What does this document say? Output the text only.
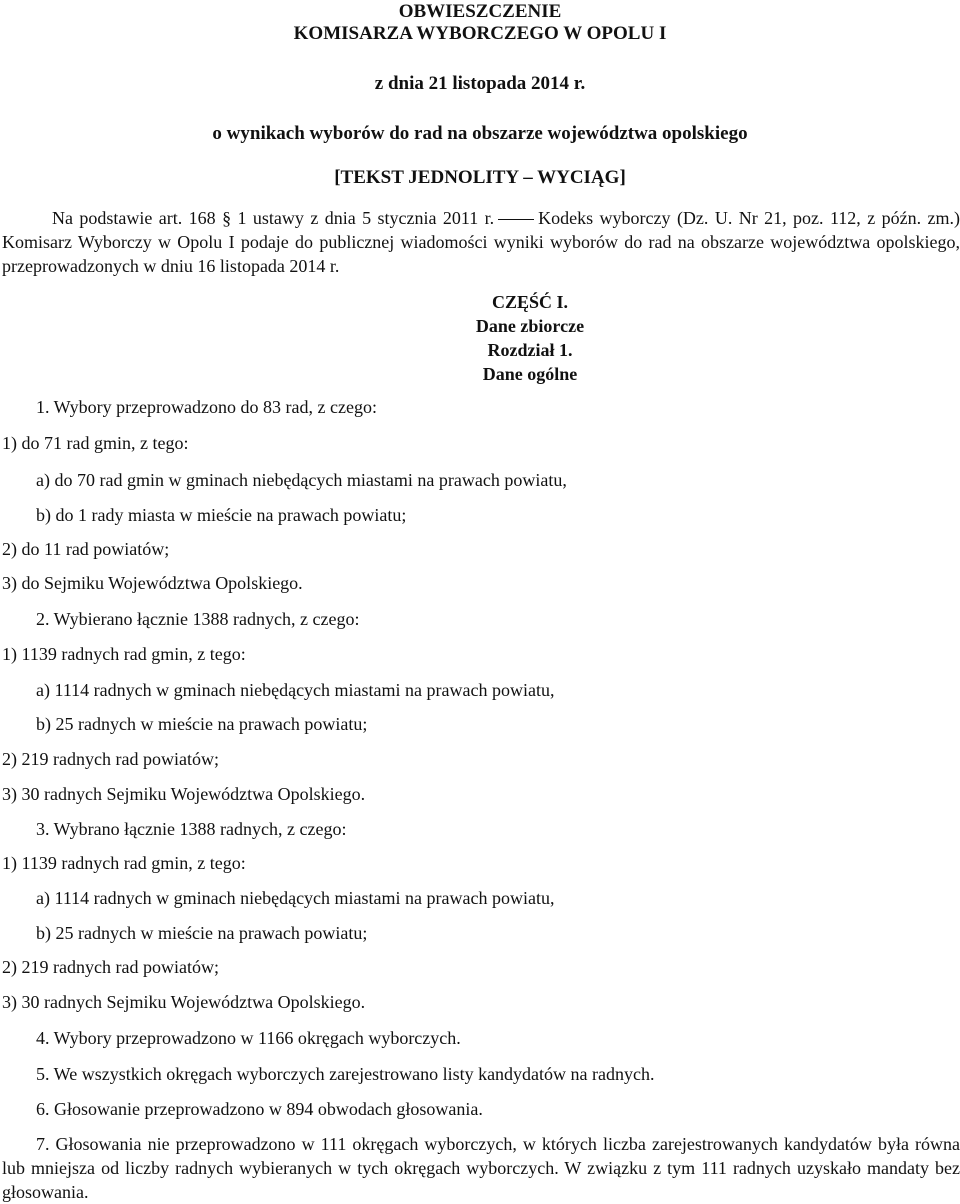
OBWIESZCZENIE
KOMISARZA WYBORCZEGO W OPOLU I
z dnia 21 listopada 2014 r.
o wynikach wyborów do rad na obszarze województwa opolskiego
[TEKST JEDNOLITY – WYCIĄG]
Na podstawie art. 168 § 1 ustawy z dnia 5 stycznia 2011 r. Kodeks wyborczy (Dz. U. Nr 21, poz. 112, z późn. zm.) Komisarz Wyborczy w Opolu I podaje do publicznej wiadomości wyniki wyborów do rad na obszarze województwa opolskiego, przeprowadzonych w dniu 16 listopada 2014 r.
CZĘŚĆ I.
Dane zbiorcze
Rozdział 1.
Dane ogólne
1. Wybory przeprowadzono do 83 rad, z czego:
1) do 71 rad gmin, z tego:
a) do 70 rad gmin w gminach niebędących miastami na prawach powiatu,
b) do 1 rady miasta w mieście na prawach powiatu;
2) do 11 rad powiatów;
3) do Sejmiku Województwa Opolskiego.
2. Wybierano łącznie 1388 radnych, z czego:
1) 1139 radnych rad gmin, z tego:
a) 1114 radnych w gminach niebędących miastami na prawach powiatu,
b) 25 radnych w mieście na prawach powiatu;
2) 219 radnych rad powiatów;
3) 30 radnych Sejmiku Województwa Opolskiego.
3. Wybrano łącznie 1388 radnych, z czego:
1) 1139 radnych rad gmin, z tego:
a) 1114 radnych w gminach niebędących miastami na prawach powiatu,
b) 25 radnych w mieście na prawach powiatu;
2) 219 radnych rad powiatów;
3) 30 radnych Sejmiku Województwa Opolskiego.
4. Wybory przeprowadzono w 1166 okręgach wyborczych.
5. We wszystkich okręgach wyborczych zarejestrowano listy kandydatów na radnych.
6. Głosowanie przeprowadzono w 894 obwodach głosowania.
7. Głosowania nie przeprowadzono w 111 okręgach wyborczych, w których liczba zarejestrowanych kandydatów była równa lub mniejsza od liczby radnych wybieranych w tych okręgach wyborczych. W związku z tym 111 radnych uzyskało mandaty bez głosowania.
